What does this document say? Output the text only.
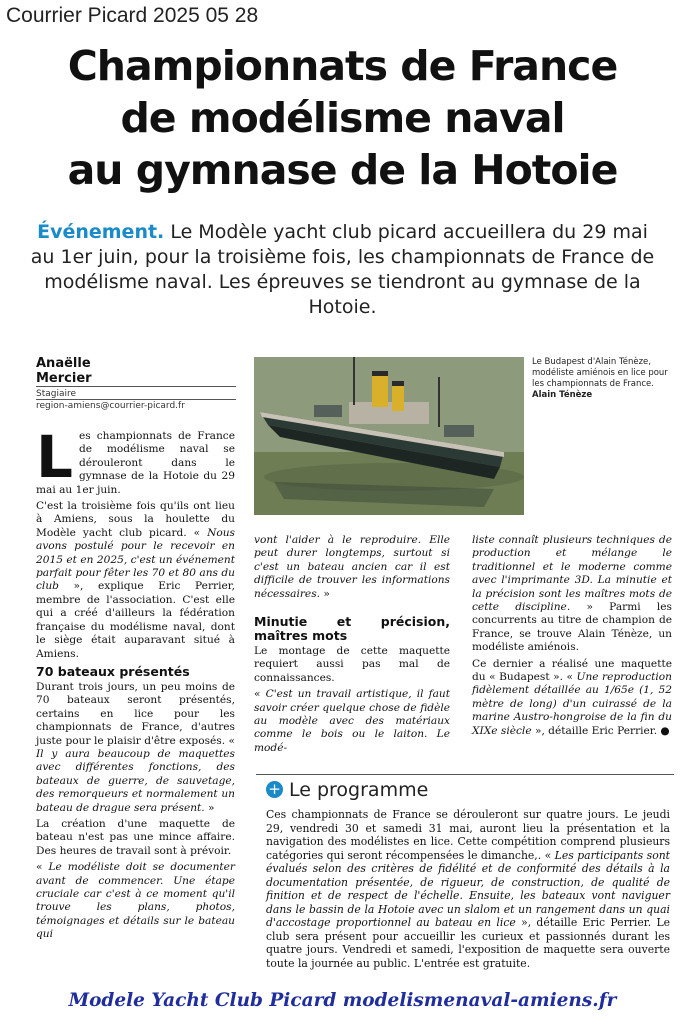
Courrier Picard 2025 05 28
Championnats de France
de modélisme naval
au gymnase de la Hotoie
Événement. Le Modèle yacht club picard accueillera du 29 mai au 1er juin, pour la troisième fois, les championnats de France de modélisme naval. Les épreuves se tiendront au gymnase de la Hotoie.
Anaëlle
Mercier
Stagiaire
region-amiens@courrier-picard.fr
Le Budapest d'Alain Ténèze, modéliste amiénois en lice pour les championnats de France. Alain Ténèze

Les championnats de France de modélisme naval se dérouleront dans le gymnase de la Hotoie du 29 mai au 1er juin.

C'est la troisième fois qu'ils ont lieu à Amiens, sous la houlette du Modèle yacht club picard. « Nous avons postulé pour le recevoir en 2015 et en 2025, c'est un événement parfait pour fêter les 70 et 80 ans du club », explique Eric Perrier, membre de l'association. C'est elle qui a créé d'ailleurs la fédération française du modélisme naval, dont le siège était auparavant situé à Amiens.

70 bateaux présentés

Durant trois jours, un peu moins de 70 bateaux seront présentés, certains en lice pour les championnats de France, d'autres juste pour le plaisir d'être exposés. « Il y aura beaucoup de maquettes avec différentes fonctions, des bateaux de guerre, de sauvetage, des remorqueurs et normalement un bateau de drague sera présent. »

La création d'une maquette de bateau n'est pas une mince affaire. Des heures de travail sont à prévoir.

« Le modéliste doit se documenter avant de commencer. Une étape cruciale car c'est à ce moment qu'il trouve les plans, photos, témoignages et détails sur le bateau qui

vont l'aider à le reproduire. Elle peut durer longtemps, surtout si c'est un bateau ancien car il est difficile de trouver les informations nécessaires. »

Minutie et précision, maîtres mots

Le montage de cette maquette requiert aussi pas mal de connaissances.

« C'est un travail artistique, il faut savoir créer quelque chose de fidèle au modèle avec des matériaux comme le bois ou le laiton. Le modé-

liste connaît plusieurs techniques de production et mélange le traditionnel et le moderne comme avec l'imprimante 3D. La minutie et la précision sont les maîtres mots de cette discipline. » Parmi les concurrents au titre de champion de France, se trouve Alain Ténèze, un modéliste amiénois.

Ce dernier a réalisé une maquette du « Budapest ». « Une reproduction fidèlement détaillée au 1/65e (1, 52 mètre de long) d'un cuirassé de la marine Austro-hongroise de la fin du XIXe siècle », détaille Eric Perrier. ●

+ Le programme
Ces championnats de France se dérouleront sur quatre jours. Le jeudi 29, vendredi 30 et samedi 31 mai, auront lieu la présentation et la navigation des modélistes en lice. Cette compétition comprend plusieurs catégories qui seront récompensées le dimanche,. « Les participants sont évalués selon des critères de fidélité et de conformité des détails à la documentation présentée, de rigueur, de construction, de qualité de finition et de respect de l'échelle. Ensuite, les bateaux vont naviguer dans le bassin de la Hotoie avec un slalom et un rangement dans un quai d'accostage proportionnel au bateau en lice », détaille Eric Perrier. Le club sera présent pour accueillir les curieux et passionnés durant les quatre jours. Vendredi et samedi, l'exposition de maquette sera ouverte toute la journée au public. L'entrée est gratuite.
Modele Yacht Club Picard modelismenaval-amiens.fr
